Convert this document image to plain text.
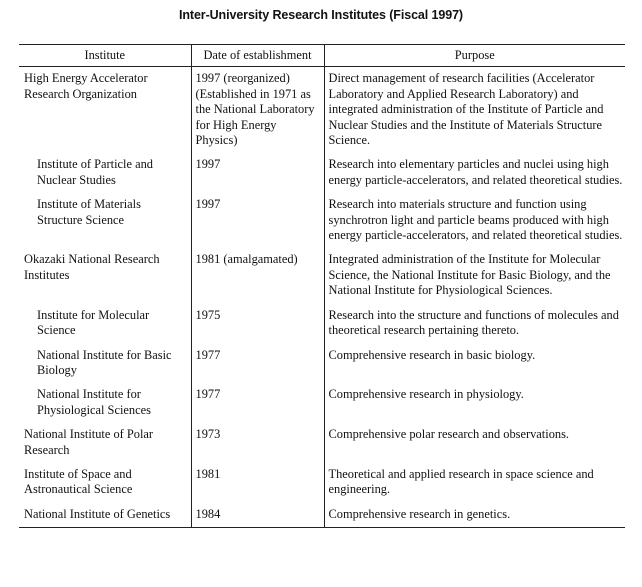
Inter-University Research Institutes (Fiscal 1997)
Institute	Date of establishment	Purpose
High Energy Accelerator Research Organization	1997 (reorganized) (Established in 1971 as the National Laboratory for High Energy Physics)	Direct management of research facilities (Accelerator Laboratory and Applied Research Laboratory) and integrated administration of the Institute of Particle and Nuclear Studies and the Institute of Materials Structure Science.
Institute of Particle and Nuclear Studies	1997	Research into elementary particles and nuclei using high energy particle-accelerators, and related theoretical studies.
Institute of Materials Structure Science	1997	Research into materials structure and function using synchrotron light and particle beams produced with high energy particle-accelerators, and related theoretical studies.
Okazaki National Research Institutes	1981 (amalgamated)	Integrated administration of the Institute for Molecular Science, the National Institute for Basic Biology, and the National Institute for Physiological Sciences.
Institute for Molecular Science	1975	Research into the structure and functions of molecules and theoretical research pertaining thereto.
National Institute for Basic Biology	1977	Comprehensive research in basic biology.
National Institute for Physiological Sciences	1977	Comprehensive research in physiology.
National Institute of Polar Research	1973	Comprehensive polar research and observations.
Institute of Space and Astronautical Science	1981	Theoretical and applied research in space science and engineering.
National Institute of Genetics	1984	Comprehensive research in genetics.
